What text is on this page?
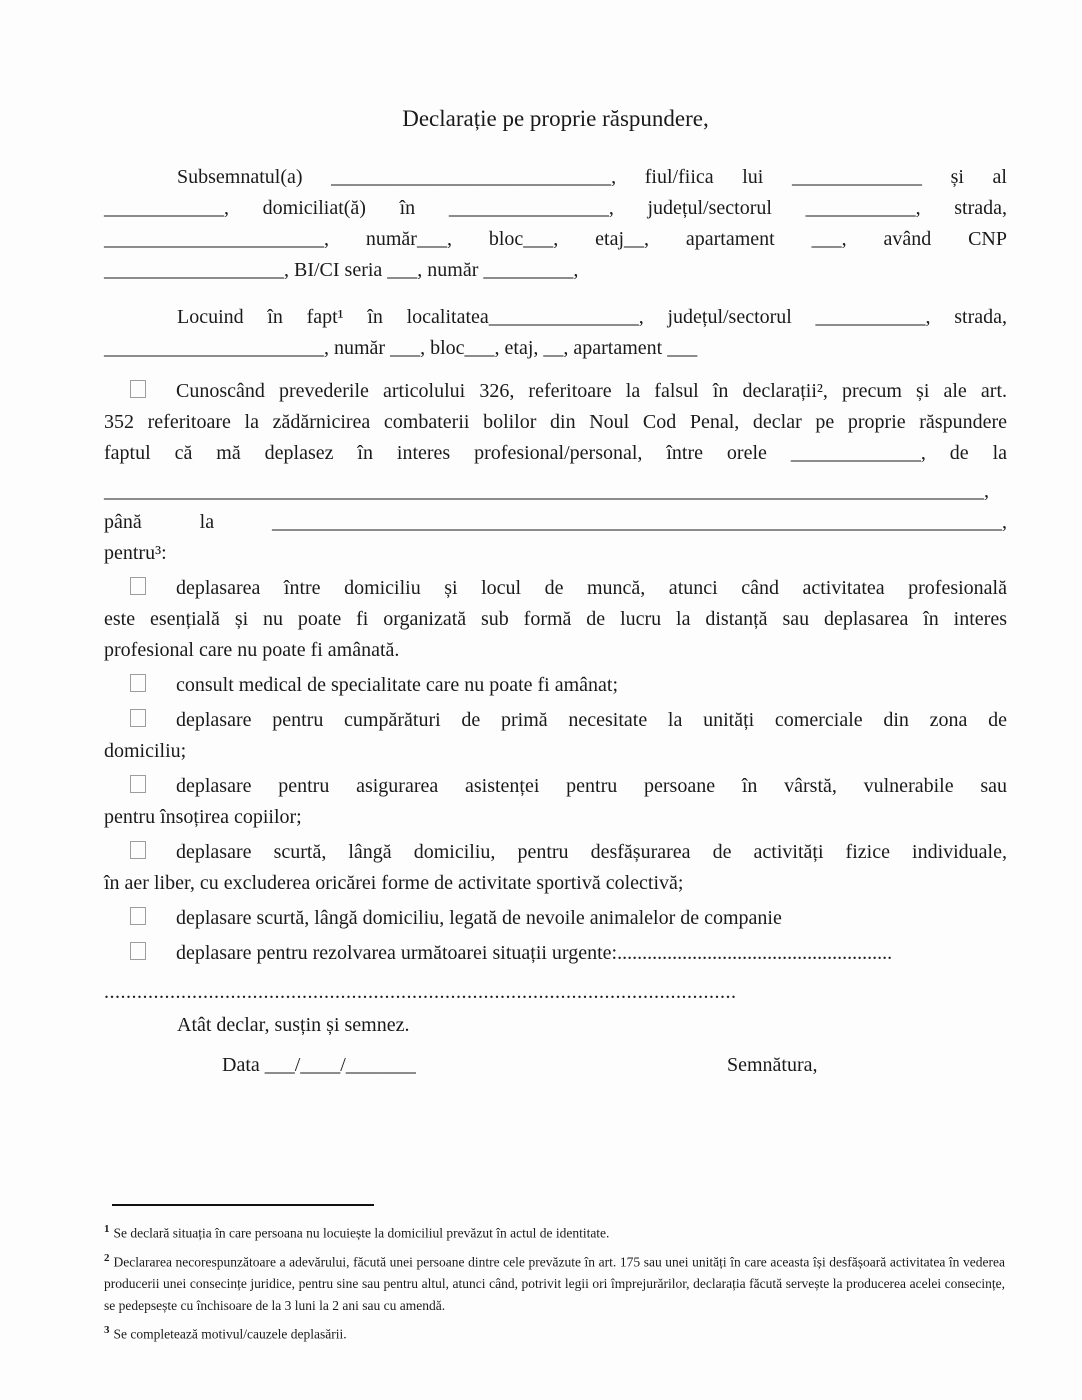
Declarație pe proprie răspundere,
Subsemnatul(a) ____________________________, fiul/fiica lui _____________ și al
____________, domiciliat(ă) în ________________, județul/sectorul ___________, strada,
______________________, număr___, bloc___, etaj__, apartament ___, având CNP
__________________, BI/CI seria ___, număr _________,
Locuind în fapt¹ în localitatea_______________, județul/sectorul ___________, strada,
______________________, număr ___, bloc___, etaj, __, apartament ___
Cunoscând prevederile articolului 326, referitoare la falsul în declarații², precum și ale art.
352 referitoare la zădărnicirea combaterii bolilor din Noul Cod Penal, declar pe proprie răspundere
faptul că mă deplasez în interes profesional/personal, între orele _____________, de la
________________________________________________________________________________________,
până la _________________________________________________________________________,
pentru³:
deplasarea între domiciliu și locul de muncă, atunci când activitatea profesională
este esențială și nu poate fi organizată sub formă de lucru la distanță sau deplasarea în interes
profesional care nu poate fi amânată.
consult medical de specialitate care nu poate fi amânat;
deplasare pentru cumpărături de primă necesitate la unități comerciale din zona de
domiciliu;
deplasare pentru asigurarea asistenței pentru persoane în vârstă, vulnerabile sau
pentru însoțirea copiilor;
deplasare scurtă, lângă domiciliu, pentru desfășurarea de activități fizice individuale,
în aer liber, cu excluderea oricărei forme de activitate sportivă colectivă;
deplasare scurtă, lângă domiciliu, legată de nevoile animalelor de companie
deplasare pentru rezolvarea următoarei situații urgente:.......................................................
...................................................................................................................
Atât declar, susțin și semnez.
Data ___/____/_______	Semnătura,
$^1$ Se declară situația în care persoana nu locuiește la domiciliul prevăzut în actul de identitate.
$^2$ Declararea necorespunzătoare a adevărului, făcută unei persoane dintre cele prevăzute în art. 175 sau unei unități în care aceasta își desfășoară activitatea în vederea producerii unei consecințe juridice, pentru sine sau pentru altul, atunci când, potrivit legii ori împrejurărilor, declarația făcută servește la producerea acelei consecințe, se pedepsește cu închisoare de la 3 luni la 2 ani sau cu amendă.
$^3$ Se completează motivul/cauzele deplasării.
